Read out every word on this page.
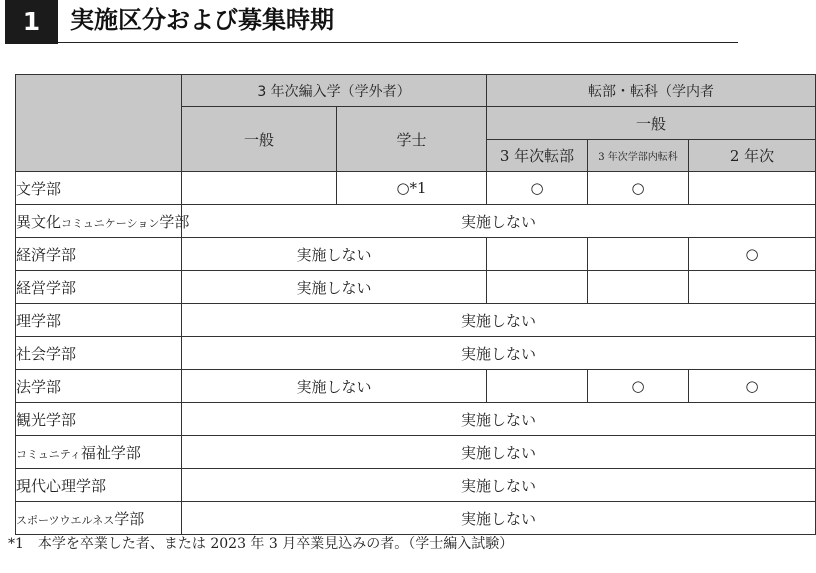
1	実施区分および募集時期
	3 年次編入学（学外者）		転部・転科（学内者		
	一般	学士	一般		
			3 年次転部	3 年次学部内転科	2 年次
文学部		○*1	○	○	
異文化コミュニケーション学部	実施しない				
経済学部	実施しない				○
経営学部	実施しない				
理学部	実施しない				
社会学部	実施しない				
法学部	実施しない			○	○
観光学部	実施しない				
コミュニティ福祉学部	実施しない				
現代心理学部	実施しない				
スポーツウエルネス学部	実施しない				
*1　本学を卒業した者、または 2023 年 3 月卒業見込みの者。（学士編入試験）
